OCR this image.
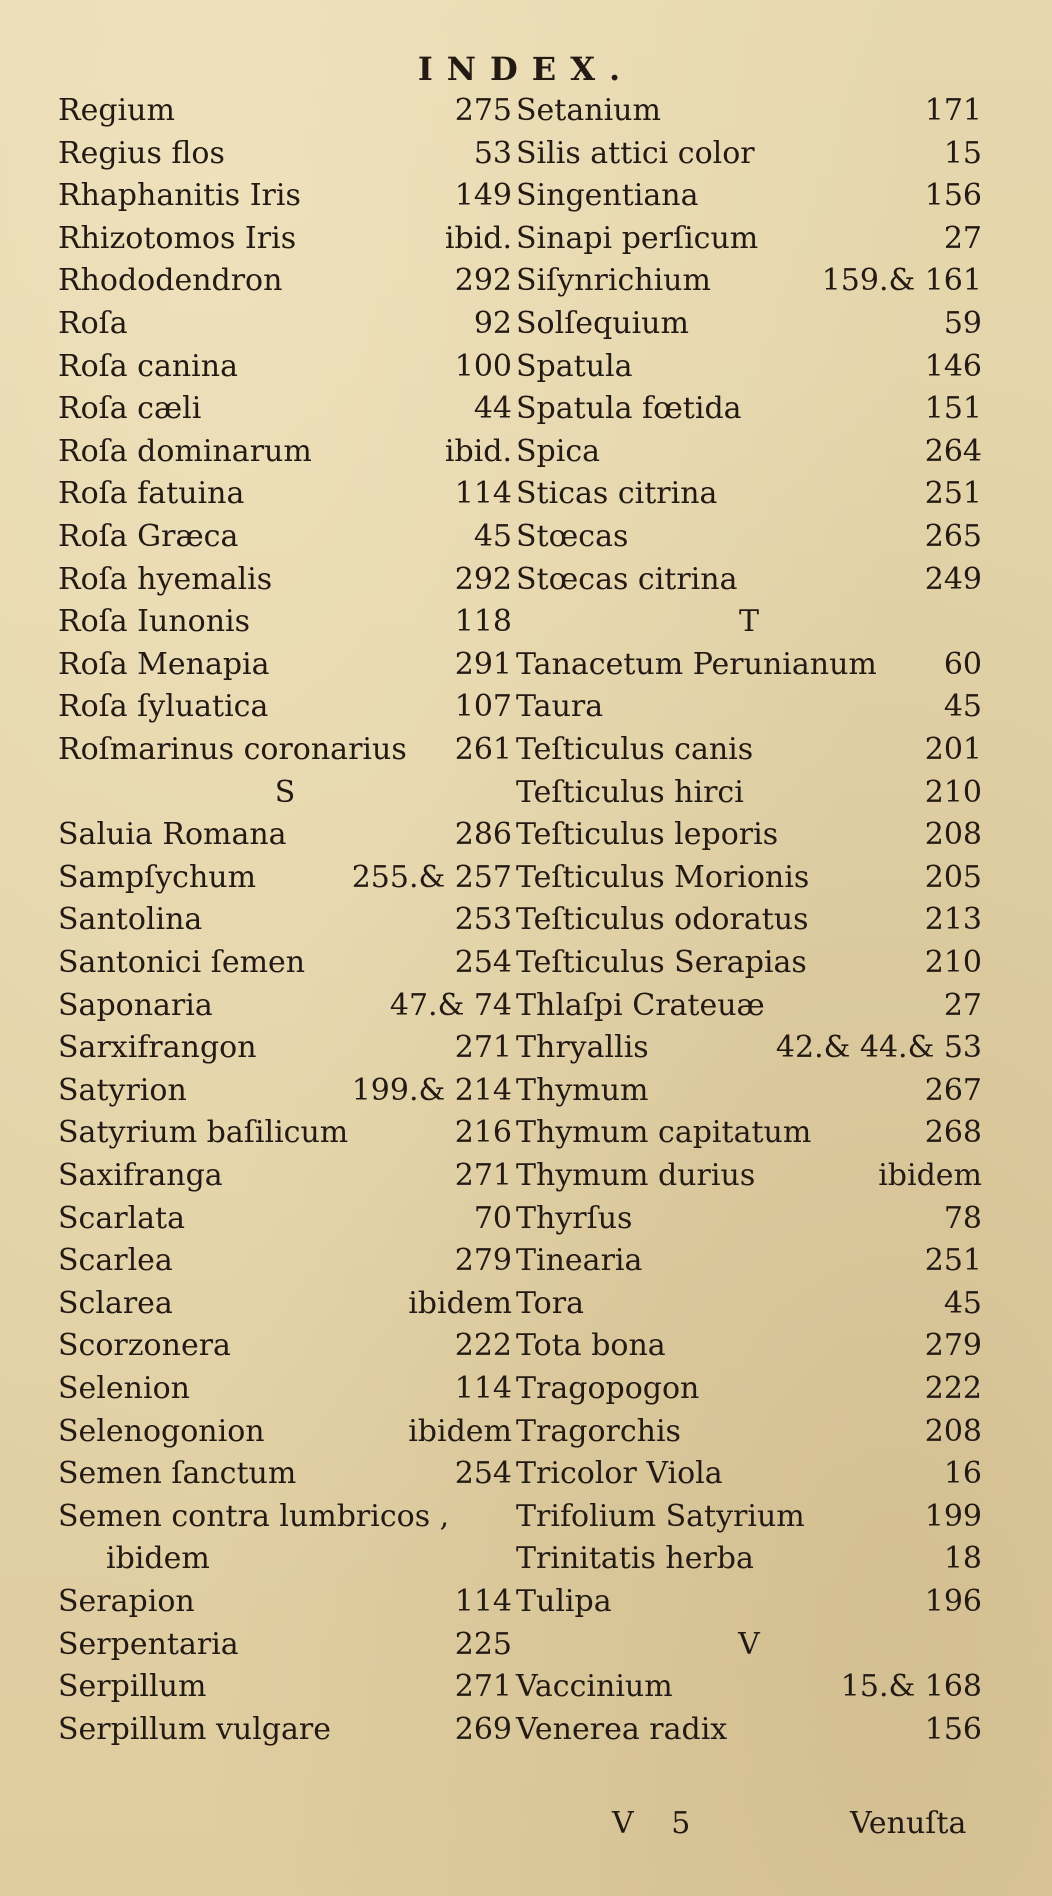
INDEX.
Regium	275
Regius flos	53
Rhaphanitis Iris	149
Rhizotomos Iris	ibid.
Rhododendron	292
Roſa	92
Roſa canina	100
Roſa cæli	44
Roſa dominarum	ibid.
Roſa fatuina	114
Roſa Græca	45
Roſa hyemalis	292
Roſa Iunonis	118
Roſa Menapia	291
Roſa ſyluatica	107
Roſmarinus coronarius 261
S
Saluia Romana	286
Sampſychum	255.& 257
Santolina	253
Santonici ſemen	254
Saponaria	47.& 74
Sarxifrangon	271
Satyrion	199.& 214
Satyrium baſilicum	216
Saxifranga	271
Scarlata	70
Scarlea	279
Sclarea	ibidem
Scorzonera	222
Selenion	114
Selenogonion	ibidem
Semen ſanctum	254
Semen contra lumbricos ,
ibidem
Serapion	114
Serpentaria	225
Serpillum	271
Serpillum vulgare	269
Setanium	171
Silis attici color	15
Singentiana	156
Sinapi perſicum	27
Siſynrichium	159.& 161
Solſequium	59
Spatula	146
Spatula fœtida	151
Spica	264
Sticas citrina	251
Stœcas	265
Stœcas citrina	249
T
Tanacetum Perunianum 60
Taura	45
Teſticulus canis	201
Teſticulus hirci	210
Teſticulus leporis	208
Teſticulus Morionis	205
Teſticulus odoratus	213
Teſticulus Serapias	210
Thlaſpi Crateuæ	27
Thryallis	42.& 44.& 53
Thymum	267
Thymum capitatum	268
Thymum durius	ibidem
Thyrſus	78
Tinearia	251
Tora	45
Tota bona	279
Tragopogon	222
Tragorchis	208
Tricolor Viola	16
Trifolium Satyrium	199
Trinitatis herba	18
Tulipa	196
V
Vaccinium	15.& 168
Venerea radix	156
V 5	Venuſta
